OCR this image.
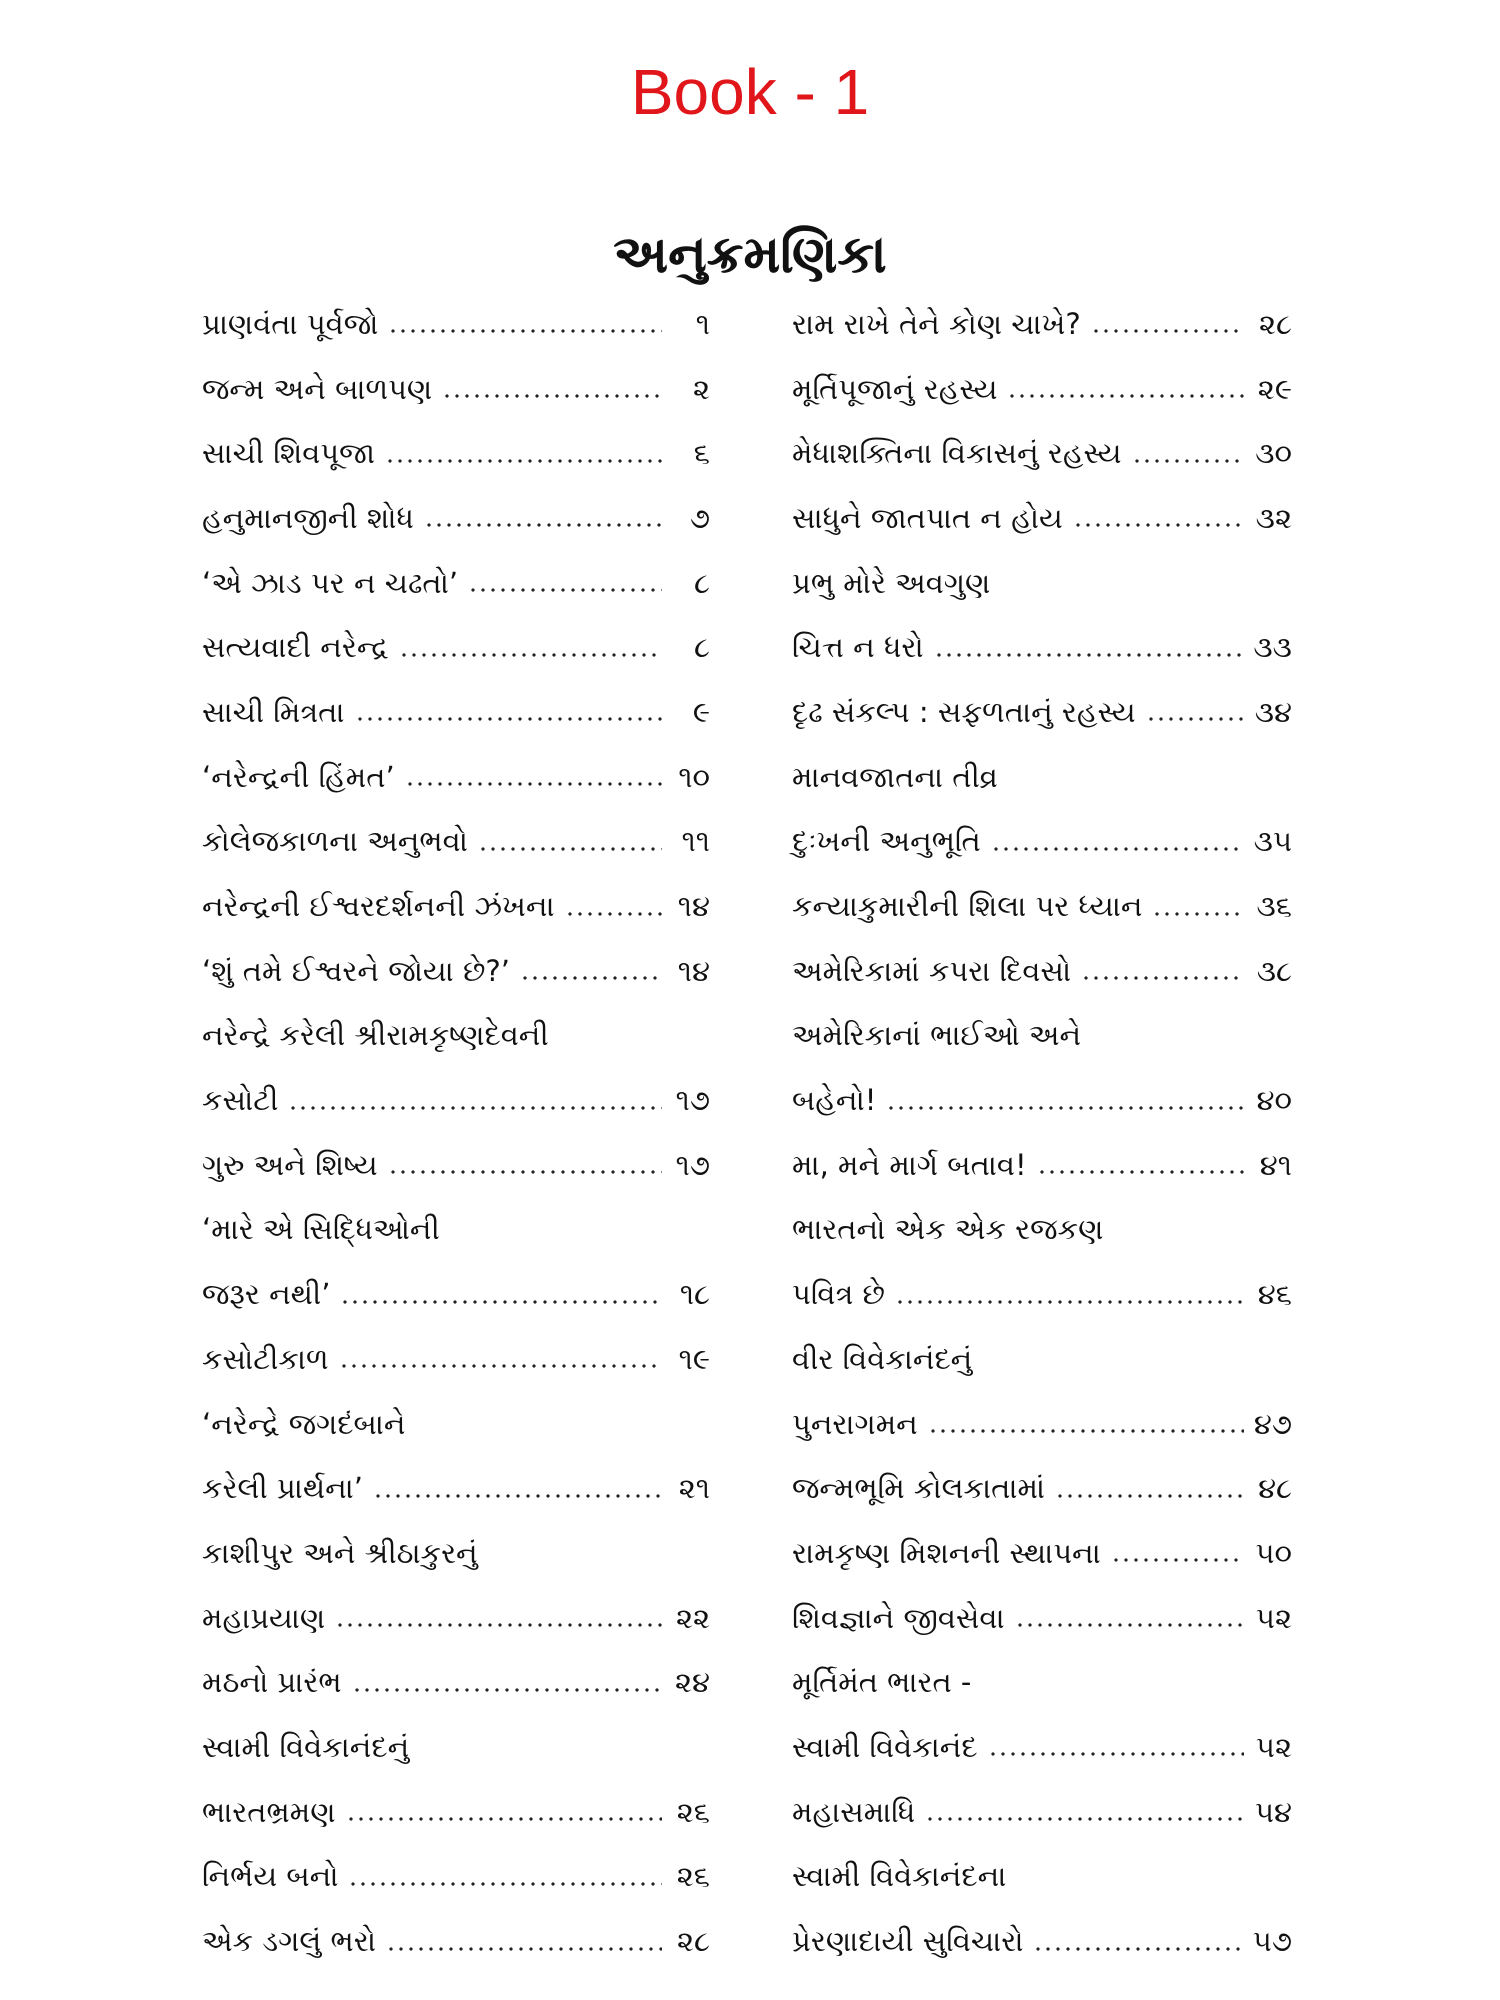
Book - 1
અનુક્રમણિકા
પ્રાણવંતા પૂર્વજો	૧
જન્મ અને બાળપણ	૨
સાચી શિવપૂજા	૬
હનુમાનજીની શોધ	૭
‘એ ઝાડ પર ન ચઢતો’	૮
સત્યવાદી નરેન્દ્ર	૮
સાચી મિત્રતા	૯
‘નરેન્દ્રની હિંમત’	૧૦
કોલેજકાળના અનુભવો	૧૧
નરેન્દ્રની ઈશ્વરદર્શનની ઝંખના	૧૪
‘શું તમે ઈશ્વરને જોયા છે?’	૧૪
નરેન્દ્રે કરેલી શ્રીરામકૃષ્ણદેવની
કસોટી	૧૭
ગુરુ અને શિષ્ય	૧૭
‘મારે એ સિદ્ધિઓની
જરૂર નથી’	૧૮
કસોટીકાળ	૧૯
‘નરેન્દ્રે જગદંબાને
કરેલી પ્રાર્થના’	૨૧
કાશીપુર અને શ્રીઠાકુરનું
મહાપ્રયાણ	૨૨
મઠનો પ્રારંભ	૨૪
સ્વામી વિવેકાનંદનું
ભારતભ્રમણ	૨૬
નિર્ભય બનો	૨૬
એક ડગલું ભરો	૨૮
રામ રાખે તેને કોણ ચાખે?	૨૮
મૂર્તિપૂજાનું રહસ્ય	૨૯
મેધાશક્તિના વિકાસનું રહસ્ય	૩૦
સાધુને જાતપાત ન હોય	૩૨
પ્રભુ મોરે અવગુણ
ચિત્ત ન ધરો	૩૩
દૃઢ સંકલ્પ : સફળતાનું રહસ્ય	૩૪
માનવજાતના તીવ્ર
દુઃખની અનુભૂતિ	૩૫
કન્યાકુમારીની શિલા પર ધ્યાન	૩૬
અમેરિકામાં કપરા દિવસો	૩૮
અમેરિકાનાં ભાઈઓ અને
બહેનો!	૪૦
મા, મને માર્ગ બતાવ!	૪૧
ભારતનો એક એક રજકણ
પવિત્ર છે	૪૬
વીર વિવેકાનંદનું
પુનરાગમન	૪૭
જન્મભૂમિ કોલકાતામાં	૪૮
રામકૃષ્ણ મિશનની સ્થાપના	૫૦
શિવજ્ઞાને જીવસેવા	૫૨
મૂર્તિમંત ભારત -
સ્વામી વિવેકાનંદ	૫૨
મહાસમાધિ	૫૪
સ્વામી વિવેકાનંદના
પ્રેરણાદાયી સુવિચારો	૫૭
